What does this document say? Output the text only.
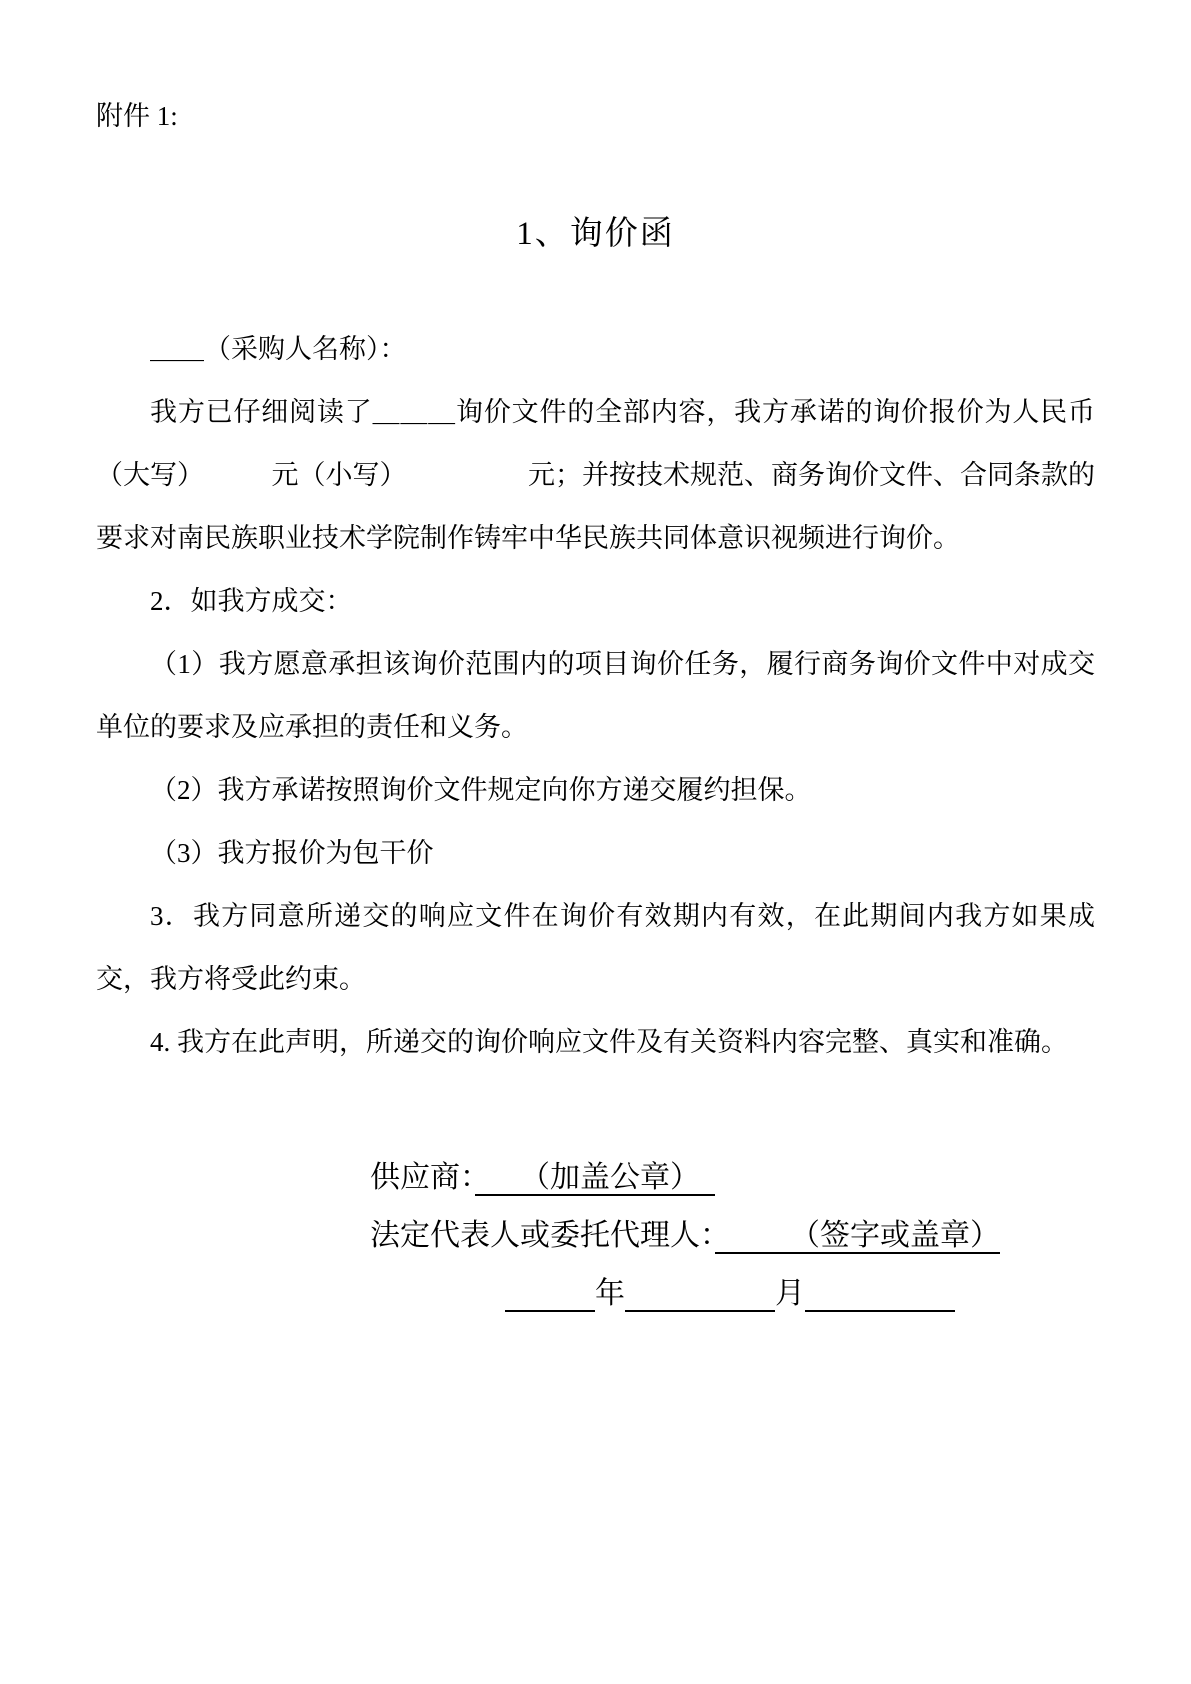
附件 1:
1、询价函

＿＿（采购人名称）：

我方已仔细阅读了＿＿＿询价文件的全部内容，我方承诺的询价报价为人民币（大写）　　　元（小写）　　　　　元；并按技术规范、商务询价文件、合同条款的要求对南民族职业技术学院制作铸牢中华民族共同体意识视频进行询价。

2．如我方成交：

（1）我方愿意承担该询价范围内的项目询价任务，履行商务询价文件中对成交单位的要求及应承担的责任和义务。

（2）我方承诺按照询价文件规定向你方递交履约担保。

（3）我方报价为包干价

3．我方同意所递交的响应文件在询价有效期内有效，在此期间内我方如果成交，我方将受此约束。

4. 我方在此声明，所递交的询价响应文件及有关资料内容完整、真实和准确。

供应商：　　（加盖公章）　
法定代表人或委托代理人：　　　（签字或盖章）
　　　年　　　　　	月　　　　　
